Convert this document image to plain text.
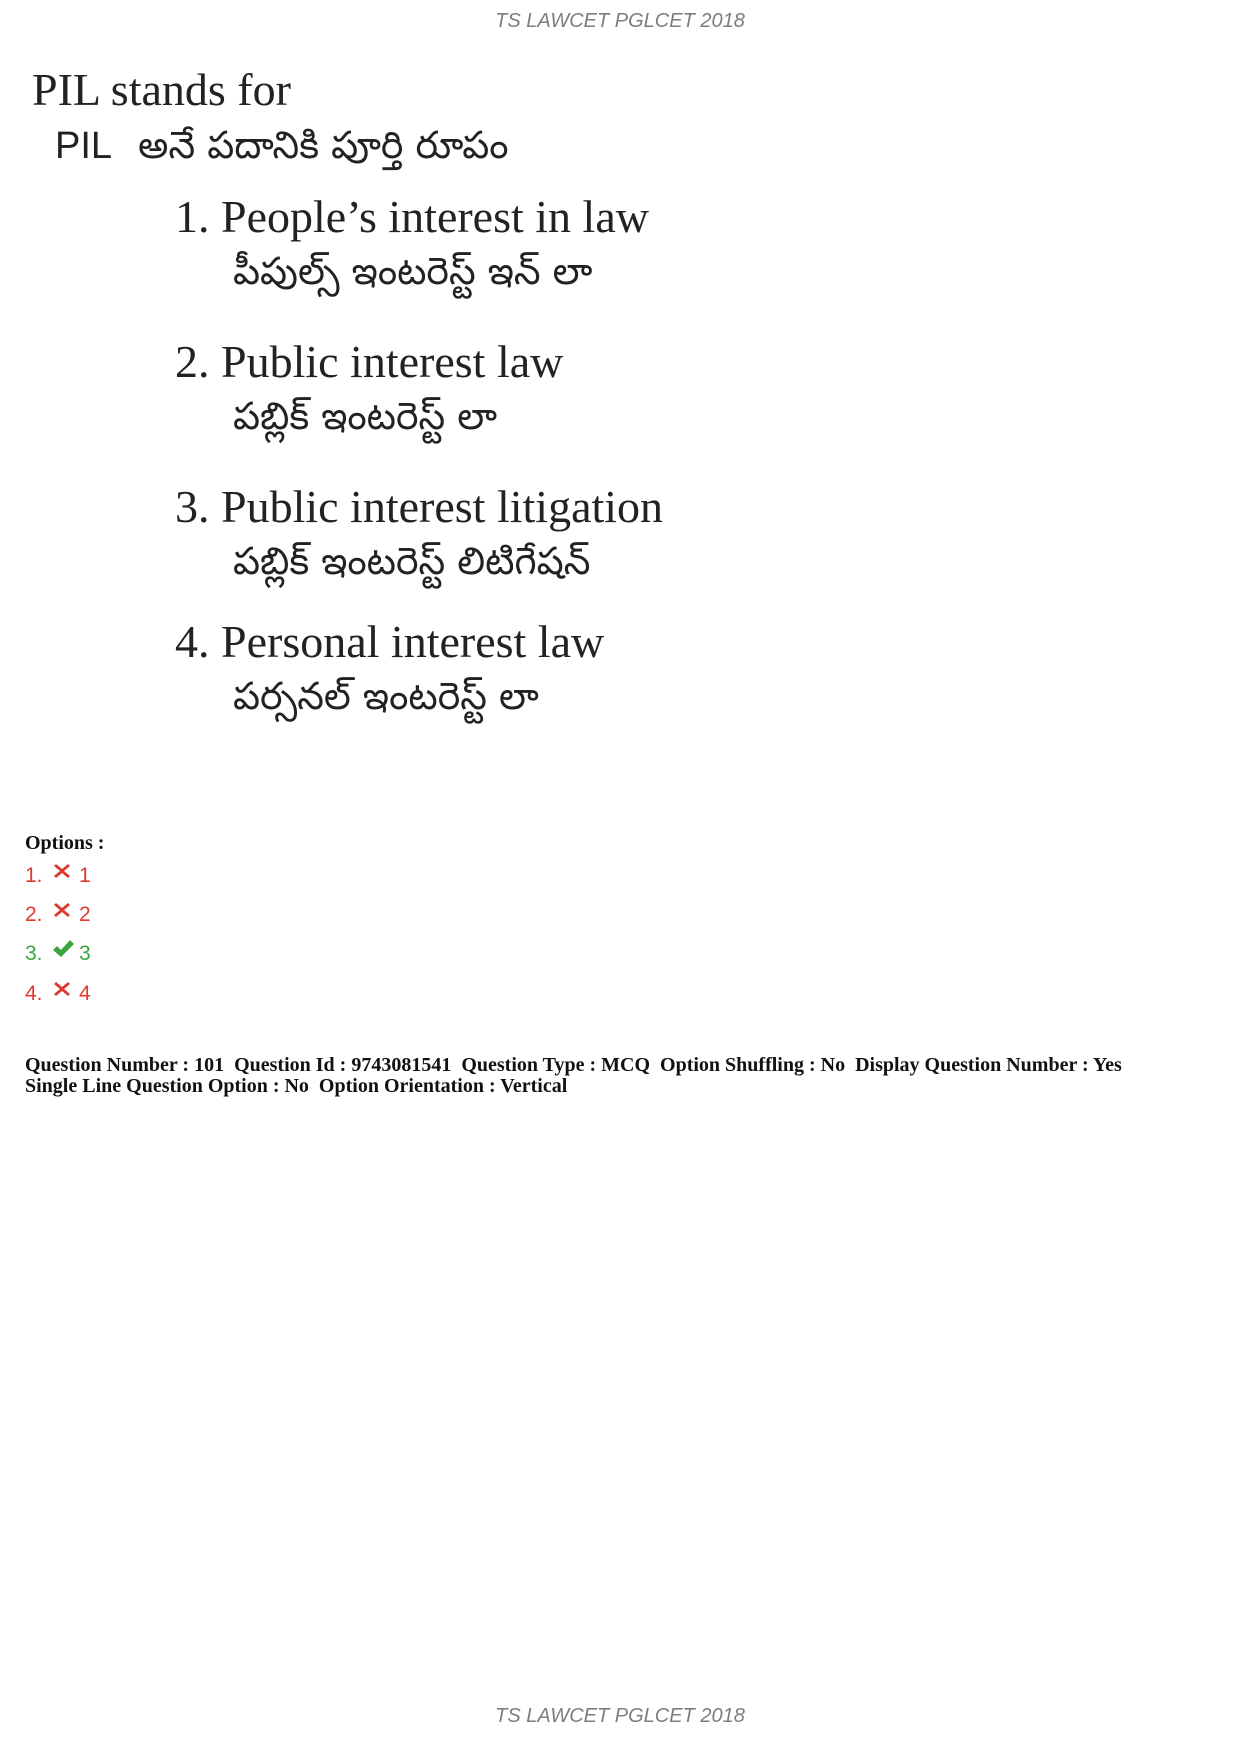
TS LAWCET PGLCET 2018
PIL stands for
PIL అనే పదానికి పూర్తి రూపం
1. People’s interest in law
పీపుల్స్ ఇంటరెస్ట్ ఇన్ లా
2. Public interest law
పబ్లిక్ ఇంటరెస్ట్ లా
3. Public interest litigation
పబ్లిక్ ఇంటరెస్ట్ లిటిగేషన్
4. Personal interest law
పర్సనల్ ఇంటరెస్ట్ లా
Options :
1.	1
2.	2
3.	3
4.	4
Question Number : 101  Question Id : 9743081541  Question Type : MCQ  Option Shuffling : No  Display Question Number : Yes
Single Line Question Option : No  Option Orientation : Vertical
TS LAWCET PGLCET 2018
